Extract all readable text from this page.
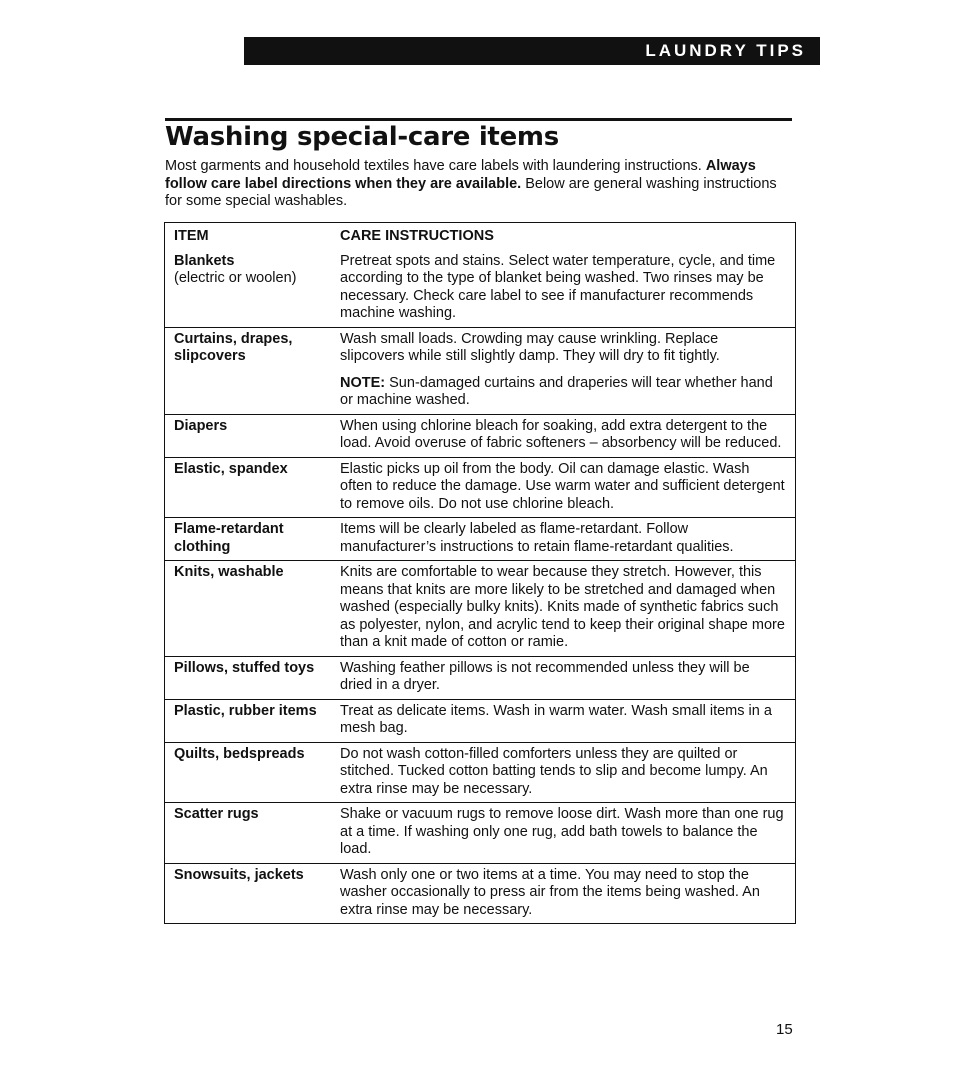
LAUNDRY TIPS
Washing special-care items

Most garments and household textiles have care labels with laundering instructions. Always follow care label directions when they are available. Below are general washing instructions for some special washables.

ITEM	CARE INSTRUCTIONS

Blankets
(electric or woolen)	Pretreat spots and stains. Select water temperature, cycle, and time according to the type of blanket being washed. Two rinses may be necessary. Check care label to see if manufacturer recommends machine washing.

Curtains, drapes, slipcovers	Wash small loads. Crowding may cause wrinkling. Replace slipcovers while still slightly damp. They will dry to fit tightly.
NOTE: Sun-damaged curtains and draperies will tear whether hand or machine washed.

Diapers	When using chlorine bleach for soaking, add extra detergent to the load. Avoid overuse of fabric softeners – absorbency will be reduced.

Elastic, spandex	Elastic picks up oil from the body. Oil can damage elastic. Wash often to reduce the damage. Use warm water and sufficient detergent to remove oils. Do not use chlorine bleach.

Flame-retardant clothing	Items will be clearly labeled as flame-retardant. Follow manufacturer’s instructions to retain flame-retardant qualities.

Knits, washable	Knits are comfortable to wear because they stretch. However, this means that knits are more likely to be stretched and damaged when washed (especially bulky knits). Knits made of synthetic fabrics such as polyester, nylon, and acrylic tend to keep their original shape more than a knit made of cotton or ramie.

Pillows, stuffed toys	Washing feather pillows is not recommended unless they will be dried in a dryer.

Plastic, rubber items	Treat as delicate items. Wash in warm water. Wash small items in a mesh bag.

Quilts, bedspreads	Do not wash cotton-filled comforters unless they are quilted or stitched. Tucked cotton batting tends to slip and become lumpy. An extra rinse may be necessary.

Scatter rugs	Shake or vacuum rugs to remove loose dirt. Wash more than one rug at a time. If washing only one rug, add bath towels to balance the load.

Snowsuits, jackets	Wash only one or two items at a time. You may need to stop the washer occasionally to press air from the items being washed. An extra rinse may be necessary.
15
